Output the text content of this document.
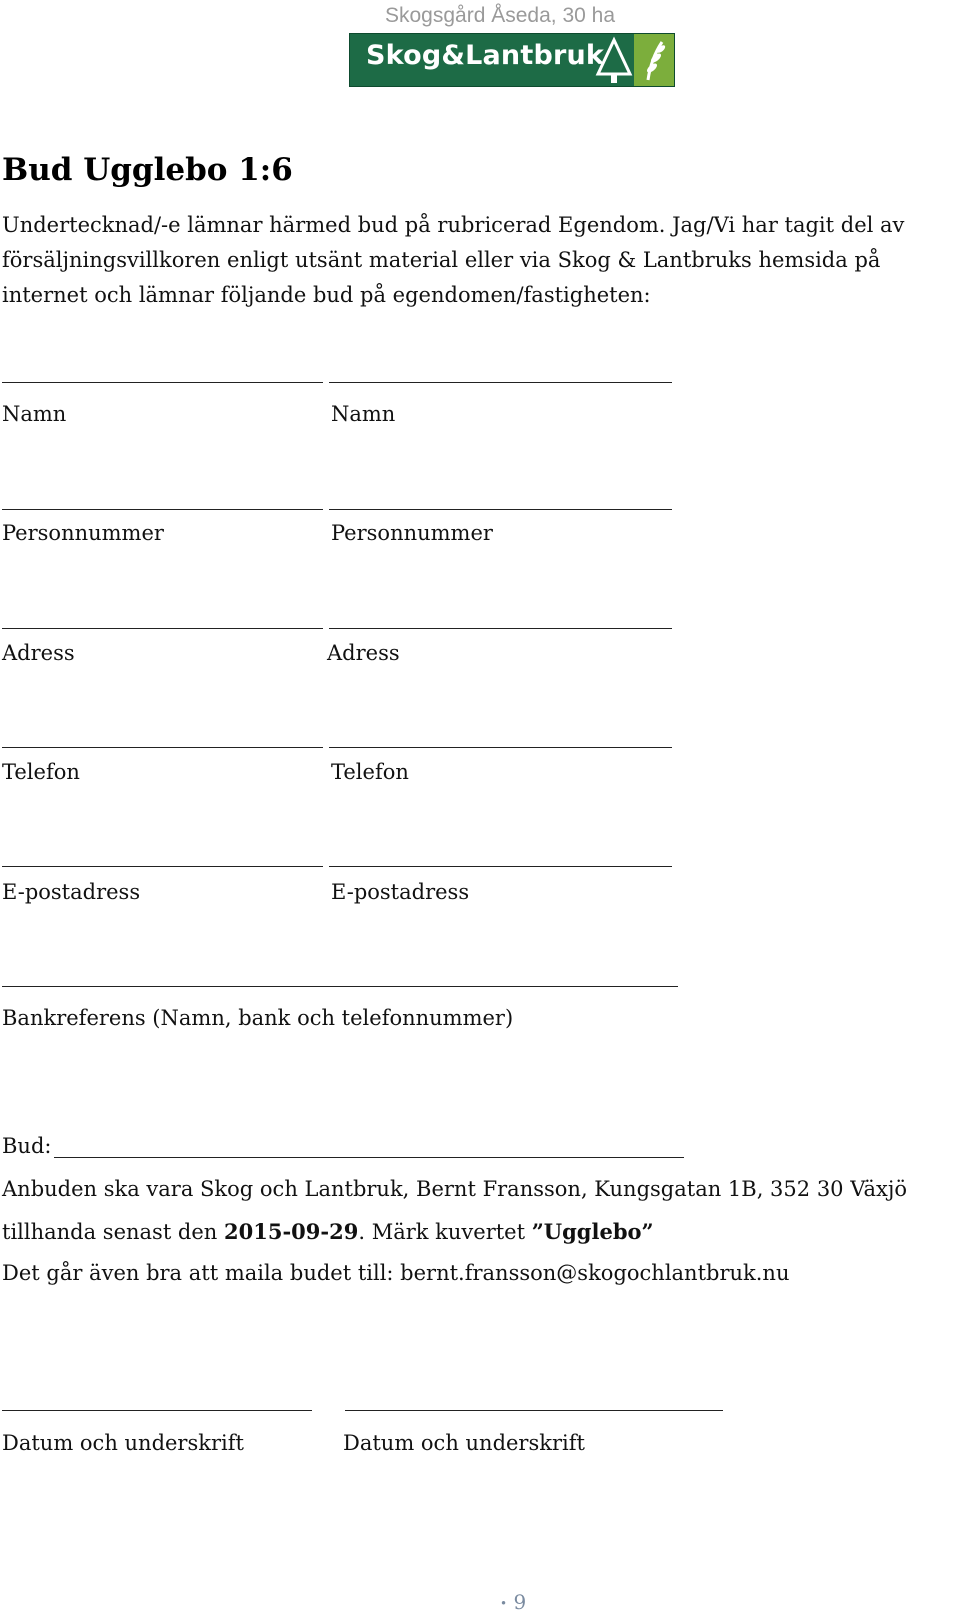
Skogsgård Åseda, 30 ha
Skog&Lantbruk
Bud Ugglebo 1:6
Undertecknad/-e lämnar härmed bud på rubricerad Egendom. Jag/Vi har tagit del av försäljningsvillkoren enligt utsänt material eller via Skog & Lantbruks hemsida på internet och lämnar följande bud på egendomen/fastigheten:
Namn	Namn
Personnummer	Personnummer
Adress	Adress
Telefon	Telefon
E-postadress	E-postadress
Bankreferens (Namn, bank och telefonnummer)
Bud:
Anbuden ska vara Skog och Lantbruk, Bernt Fransson, Kungsgatan 1B, 352 30 Växjö
tillhanda senast den 2015-09-29. Märk kuvertet ”Ugglebo”
Det går även bra att maila budet till: bernt.fransson@skogochlantbruk.nu
Datum och underskrift	Datum och underskrift
• 9
